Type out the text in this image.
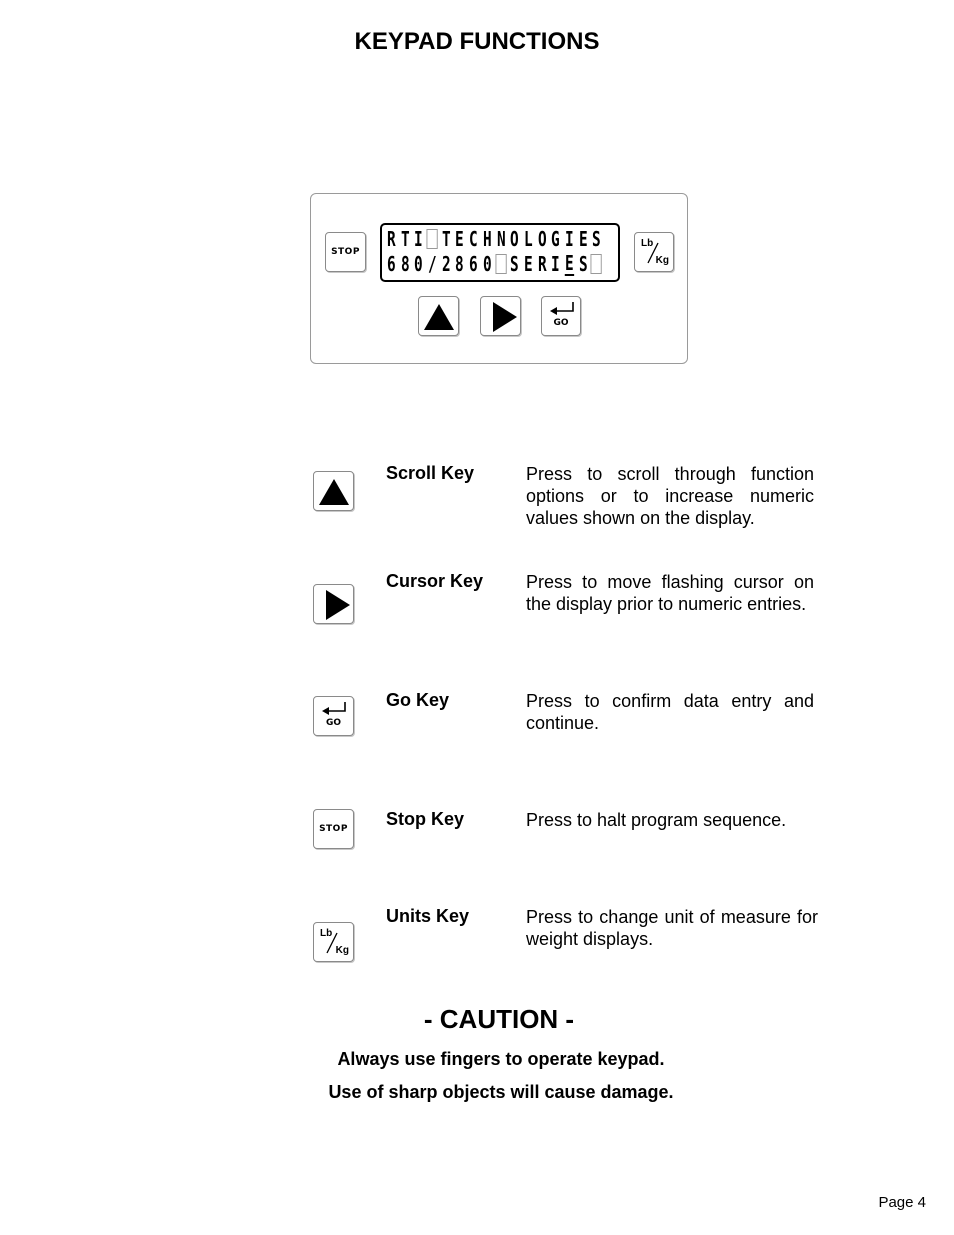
KEYPAD FUNCTIONS
STOP
R T I T E C H N O L O G I E S
6 8 0 / 2 8 6 0 S E R I E S
Lb
Kg
GO
Scroll Key	Press to scroll through function options or to increase numeric values shown on the display.
Cursor Key Press to move flashing cursor on the display prior to numeric entries.
GO
Go Key	Press to confirm data entry and continue.
STOP Stop Key	Press to halt program sequence.
Lb
Kg
Units Key	Press to change unit of measure for weight displays.
- CAUTION -
Always use fingers to operate keypad.
Use of sharp objects will cause damage.
Page 4
